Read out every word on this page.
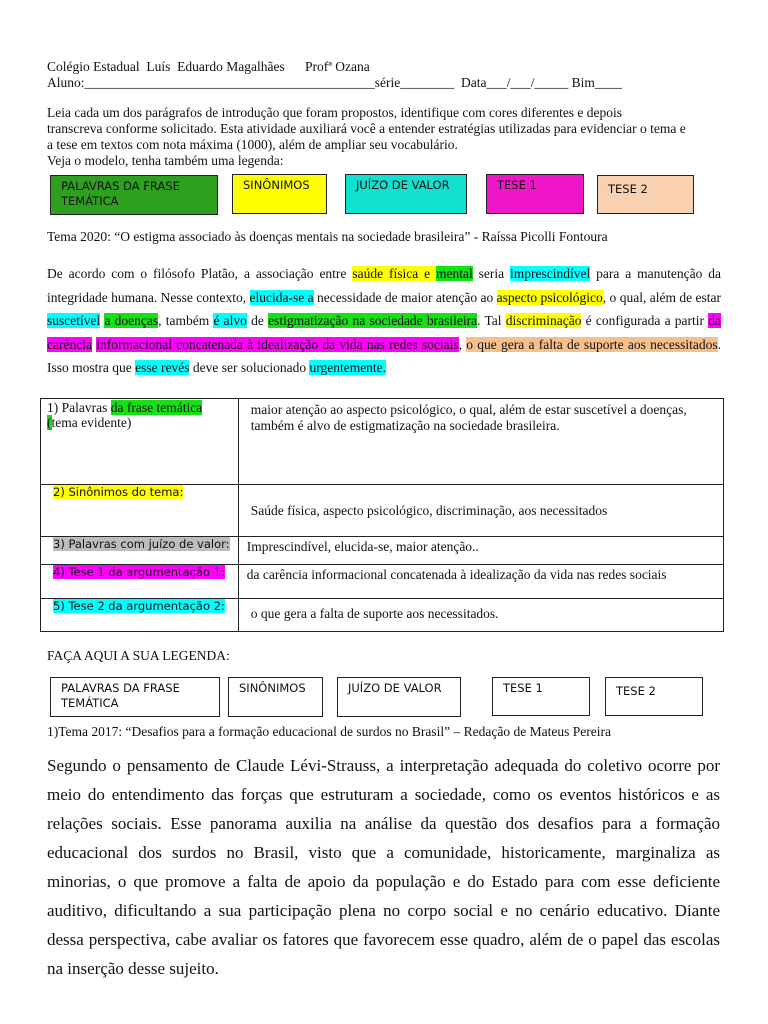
Colégio Estadual  Luís  Eduardo Magalhães      Profª Ozana
Aluno:___________________________________________série________  Data___/___/_____ Bim____
Leia cada um dos parágrafos de introdução que foram propostos, identifique com cores diferentes e depois
transcreva conforme solicitado. Esta atividade auxiliará você a entender estratégias utilizadas para evidenciar o tema e
a tese em textos com nota máxima (1000), além de ampliar seu vocabulário.
Veja o modelo, tenha também uma legenda:
PALAVRAS DA FRASE TEMÁTICA
SINÔNIMOS	JUÍZO DE VALOR	TESE 1	TESE 2
Tema 2020: “O estigma associado às doenças mentais na sociedade brasileira” - Raíssa Picolli Fontoura
De acordo com o filósofo Platão, a associação entre saúde física e mental seria imprescindível para a manutenção da integridade humana. Nesse contexto, elucida-se a necessidade de maior atenção ao aspecto psicológico, o qual, além de estar suscetível a doenças, também é alvo de estigmatização na sociedade brasileira. Tal discriminação é configurada a partir da carência informacional concatenada à idealização da vida nas redes sociais, o que gera a falta de suporte aos necessitados. Isso mostra que esse revés deve ser solucionado urgentemente.
1) Palavras da frase temática
(tema evidente)	maior atenção ao aspecto psicológico, o qual, além de estar suscetível a doenças, também é alvo de estigmatização na sociedade brasileira.
2) Sinônimos do tema:	Saúde física, aspecto psicológico, discriminação, aos necessitados
3) Palavras com juízo de valor:	Imprescindível, elucida-se, maior atenção..
4) Tese 1 da argumentação 1:	da carência informacional concatenada à idealização da vida nas redes sociais
5) Tese 2 da argumentação 2:	o que gera a falta de suporte aos necessitados.
FAÇA AQUI A SUA LEGENDA:
PALAVRAS DA FRASE TEMÁTICA
SINÔNIMOS	JUÍZO DE VALOR	TESE 1	TESE 2
1)Tema 2017: “Desafios para a formação educacional de surdos no Brasil” – Redação de Mateus Pereira
Segundo o pensamento de Claude Lévi-Strauss, a interpretação adequada do coletivo ocorre por meio do entendimento das forças que estruturam a sociedade, como os eventos históricos e as relações sociais. Esse panorama auxilia na análise da questão dos desafios para a formação educacional dos surdos no Brasil, visto que a comunidade, historicamente, marginaliza as minorias, o que promove a falta de apoio da população e do Estado para com esse deficiente auditivo, dificultando a sua participação plena no corpo social e no cenário educativo. Diante dessa perspectiva, cabe avaliar os fatores que favorecem esse quadro, além de o papel das escolas na inserção desse sujeito.
